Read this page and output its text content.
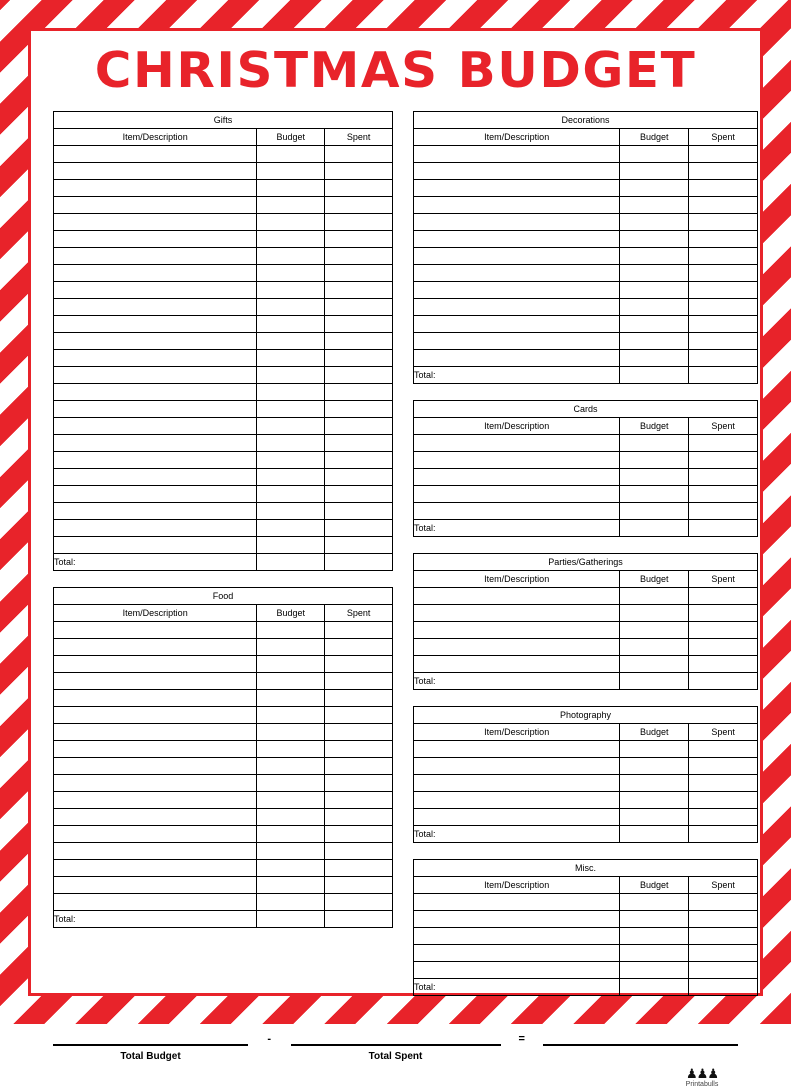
CHRISTMAS BUDGET
Gifts		
Item/Description	Budget	Spent

Total:		
Food		
Item/Description	Budget	Spent

Total:		
Decorations		
Item/Description	Budget	Spent

Total:		
Cards		
Item/Description	Budget	Spent

Total:		
Parties/Gatherings		
Item/Description	Budget	Spent

Total:		
Photography		
Item/Description	Budget	Spent

Total:		
Misc.		
Item/Description	Budget	Spent

Total:		
-	=
Total Budget	Total Spent
♟♟♟
Printabulls
